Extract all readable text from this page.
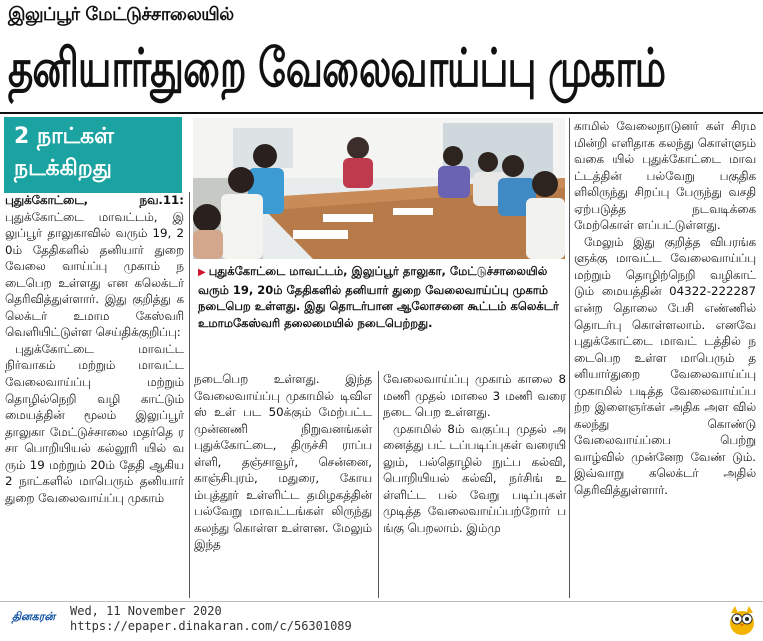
இலுப்பூர் மேட்டுச்சாலையில்
தனியார்துறை வேலைவாய்ப்பு முகாம்
2 நாட்கள் நடக்கிறது
▶ புதுக்கோட்டை மாவட்டம், இலுப்பூர் தாலுகா, மேட்டுச்சாலையில் வரும் 19, 20ம் தேதிகளில் தனியார் துறை வேலைவாய்ப்பு முகாம் நடைபெற உள்ளது. இது தொடர்பான ஆலோசனை கூட்டம் கலெக்டர் உமாமகேஸ்வரி தலைமையில் நடைபெற்றது.

புதுக்கோட்டை, நவ.11:புதுக்கோட்டை மாவட்டம், இலுப்பூர் தாலுகாவில் வரும் 19, 20ம் தேதிகளில் தனியார் துறை வேலை வாய்ப்பு முகாம் நடைபெற உள்ளது என கலெக்டர் தெரிவித்துள்ளார். இது குறித்து கலெக்டர் உமாம கேஸ்வரி வெளியிட்டுள்ள செய்திக்குறிப்பு:

புதுக்கோட்டை மாவட்ட நிர்வாகம் மற்றும் மாவட்ட வேலைவாய்ப்பு மற்றும் தொழில்நெறி வழி காட்டும் மையத்தின் மூலம் இலுப்பூர் தாலுகா மேட்டுச்சாலை மதர்தெ ரசா பொறியியல் கல்லூரி யில் வரும் 19 மற்றும் 20ம் தேதி ஆகிய 2 நாட்களில் மாபெரும் தனியார் துறை வேலைவாய்ப்பு முகாம்

நடைபெற உள்ளது. இந்த வேலைவாய்ப்பு முகாமில் டிவிஎஸ் உள் பட 50க்கும் மேற்பட்ட முன்னணி நிறுவனங்கள் புதுக்கோட்டை, திருச்சி ராப்பள்ளி, தஞ்சாவூர், சென்னை, காஞ்சிபுரம், மதுரை, கோயம்புத்தூர் உள்ளிட்ட தமிழகத்தின் பல்வேறு மாவட்டங்கள் லிருந்து கலந்து கொள்ள உள்ளன. மேலும் இந்த

வேலைவாய்ப்பு முகாம் காலை 8 மணி முதல் மாலை 3 மணி வரை நடை பெற உள்ளது.

முகாமில் 8ம் வகுப்பு முதல் அனைத்து பட் டப்படிப்புகள் வரையி லும், பல்தொழில் நுட்ப கல்வி, பொறியியல் கல்வி, நர்சிங் உள்ளிட்ட பல் வேறு படிப்புகள் முடித்த வேலைவாய்ப்பற்றோர் பங்கு பெறலாம். இம்மு

காமில் வேலைநாடுனர் கள் சிரமமின்றி எளிதாக கலந்து கொள்ளும் வகை யில் புதுக்கோட்டை மாவட்டத்தின் பல்வேறு பகுதிகளிலிருந்து சிறப்பு பேருந்து வசதி ஏற்படுத்த நடவடிக்கை மேற்கொள் ளப்பட்டுள்ளது.

மேலும் இது குறித்த விபரங்களுக்கு மாவட்ட வேலைவாய்ப்பு மற்றும் தொழிற்நெறி வழிகாட் டும் மையத்தின் 04322-222287 என்ற தொலை பேசி எண்ணில் தொடர்பு கொள்ளலாம். எனவே புதுக்கோட்டை மாவட் டத்தில் நடைபெற உள்ள மாபெரும் தனியார்துறை வேலைவாய்ப்பு முகாமில் படித்த வேலைவாய்ப்பற்ற இளைஞர்கள் அதிக அள வில் கலந்து கொண்டு வேலைவாய்ப்பை பெற்று வாழ்வில் முன்னேற வேண் டும். இவ்வாறு கலெக்டர் அதில் தெரிவித்துள்ளார்.

தினகரன் Wed, 11 November 2020
https://epaper.dinakaran.com/c/56301089
